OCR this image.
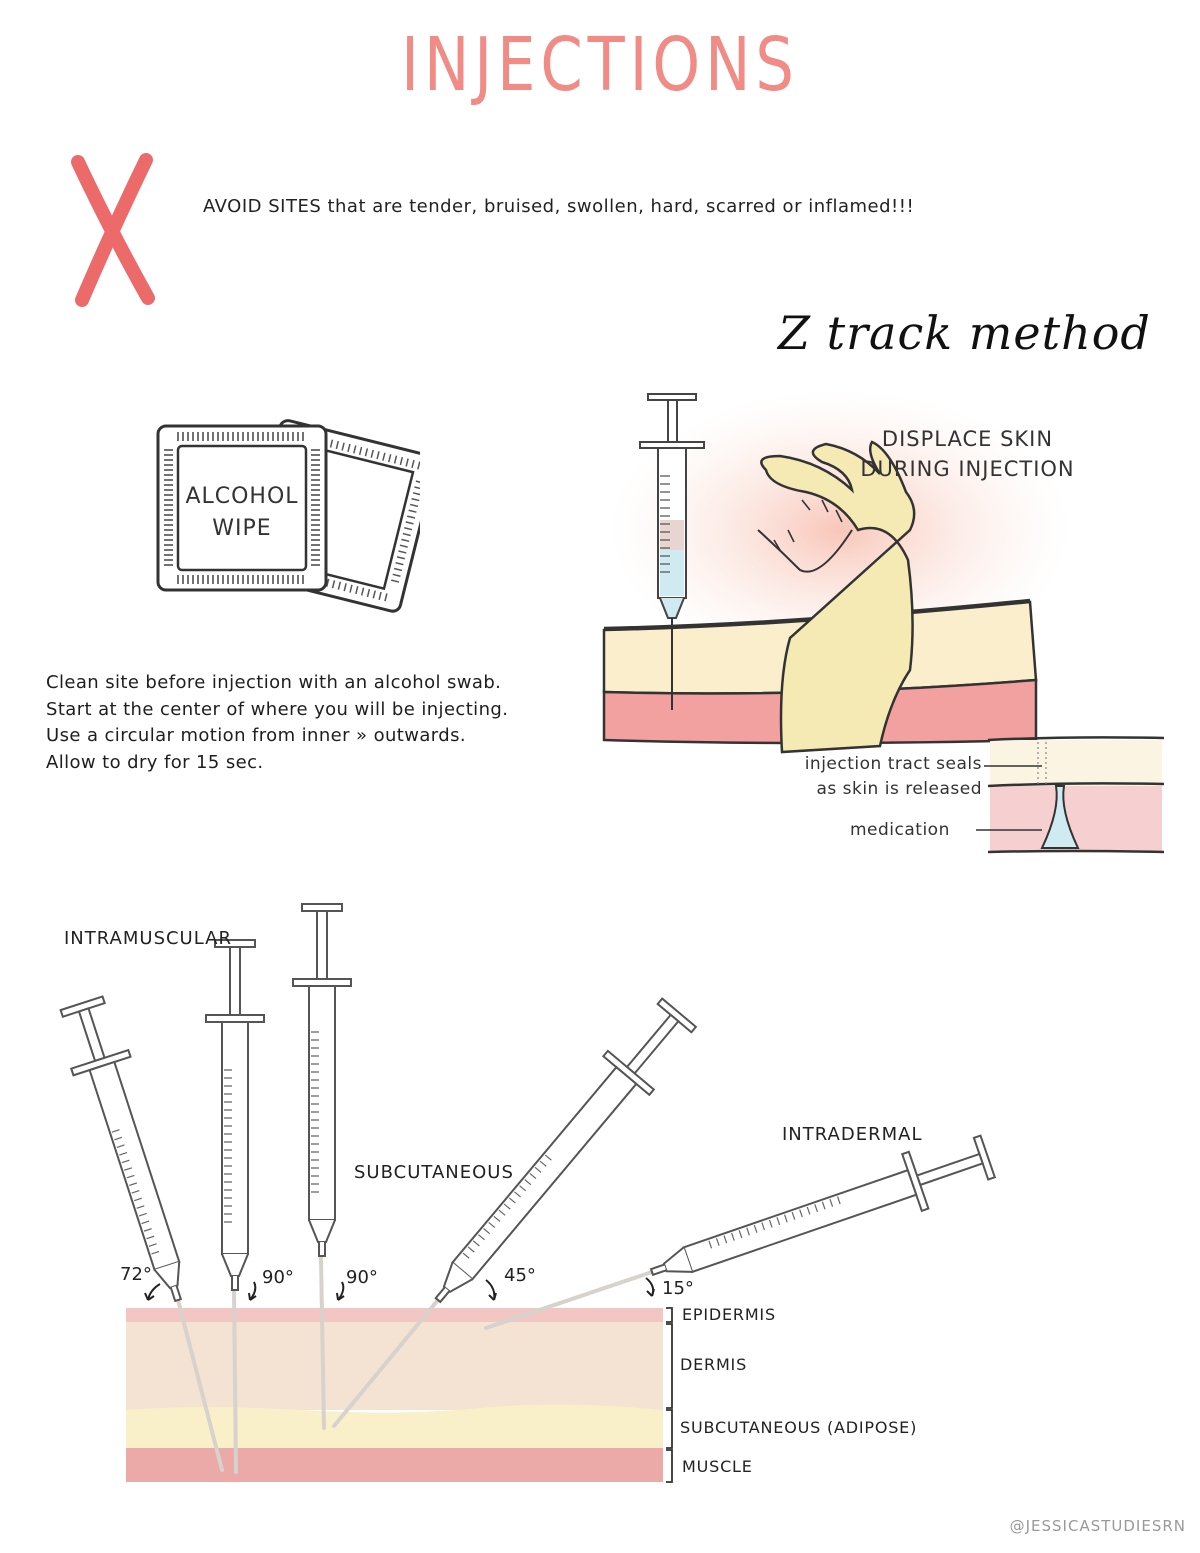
INJECTIONS
AVOID SITES that are tender, bruised, swollen, hard, scarred or inflamed!!!
ALCOHOL
WIPE
Clean site before injection with an alcohol swab.
Start at the center of where you will be injecting.
Use a circular motion from inner » outwards.
Allow to dry for 15 sec.
Z track method
DISPLACE SKIN
DURING INJECTION
injection tract seals
as skin is released
medication
INTRAMUSCULAR
SUBCUTANEOUS
INTRADERMAL
72°	90°	90°	45°
15°
EPIDERMIS
DERMIS
SUBCUTANEOUS (ADIPOSE)
MUSCLE
@JESSICASTUDIESRN
